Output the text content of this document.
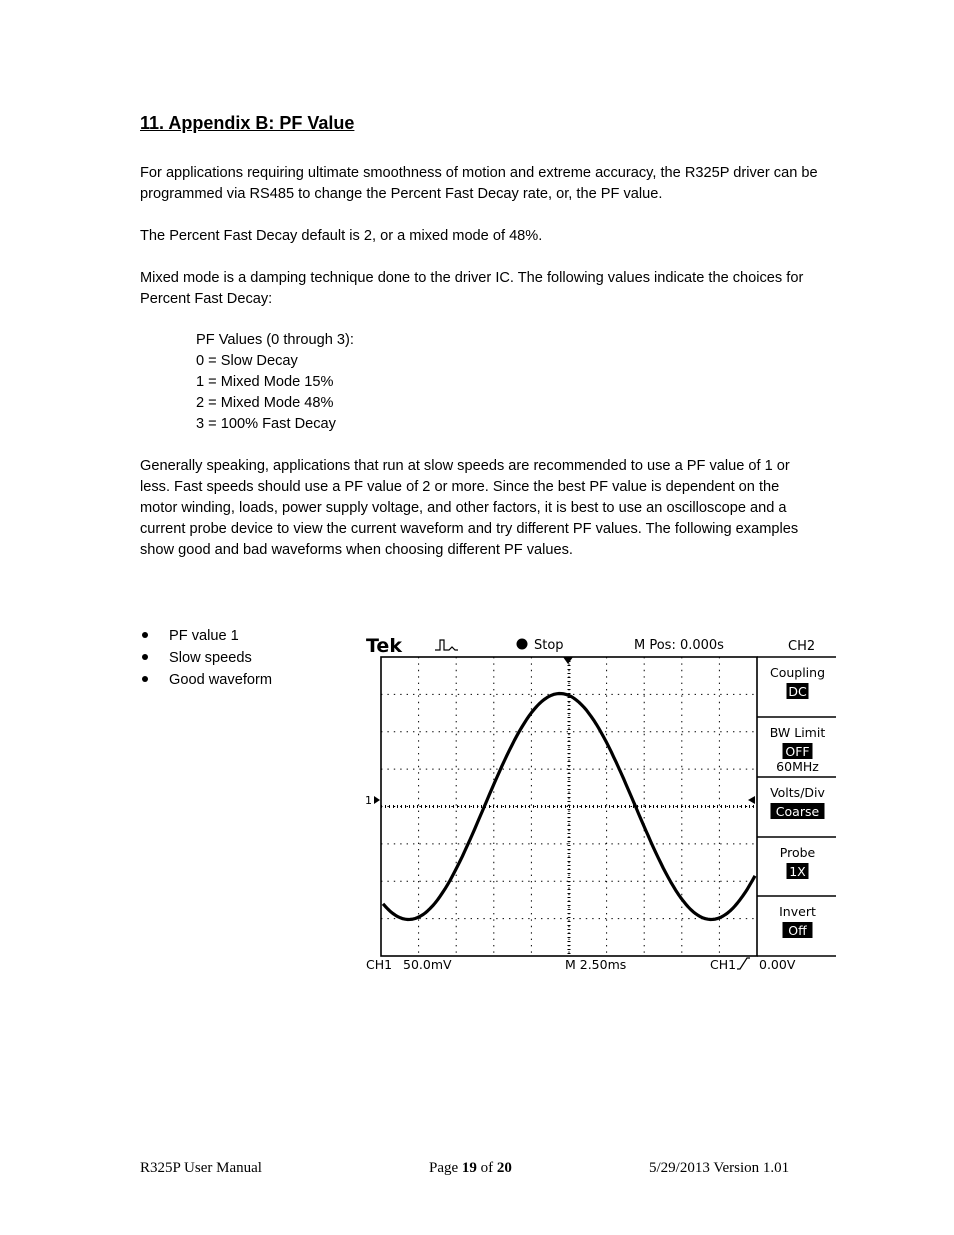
11. Appendix B: PF Value

For applications requiring ultimate smoothness of motion and extreme accuracy, the R325P driver can be programmed via RS485 to change the Percent Fast Decay rate, or, the PF value.

The Percent Fast Decay default is 2, or a mixed mode of 48%.

Mixed mode is a damping technique done to the driver IC. The following values indicate the choices for Percent Fast Decay:

PF Values (0 through 3):
0 = Slow Decay
1 = Mixed Mode 15%
2 = Mixed Mode 48%
3 = 100% Fast Decay

Generally speaking, applications that run at slow speeds are recommended to use a PF value of 1 or less. Fast speeds should use a PF value of 2 or more. Since the best PF value is dependent on the motor winding, loads, power supply voltage, and other factors, it is best to use an oscilloscope and a current probe device to view the current waveform and try different PF values. The following examples show good and bad waveforms when choosing different PF values.

PF value 1
Slow speeds
Good waveform
Tek	Stop	M Pos: 0.000s	CH2
1
Coupling
DC
BW Limit
OFF
60MHz
Volts/Div
Coarse
Probe
1X
Invert
Off
CH1 50.0mV	M 2.50ms	CH1 0.00V
R325P User Manual	Page 19 of 20	5/29/2013 Version 1.01
